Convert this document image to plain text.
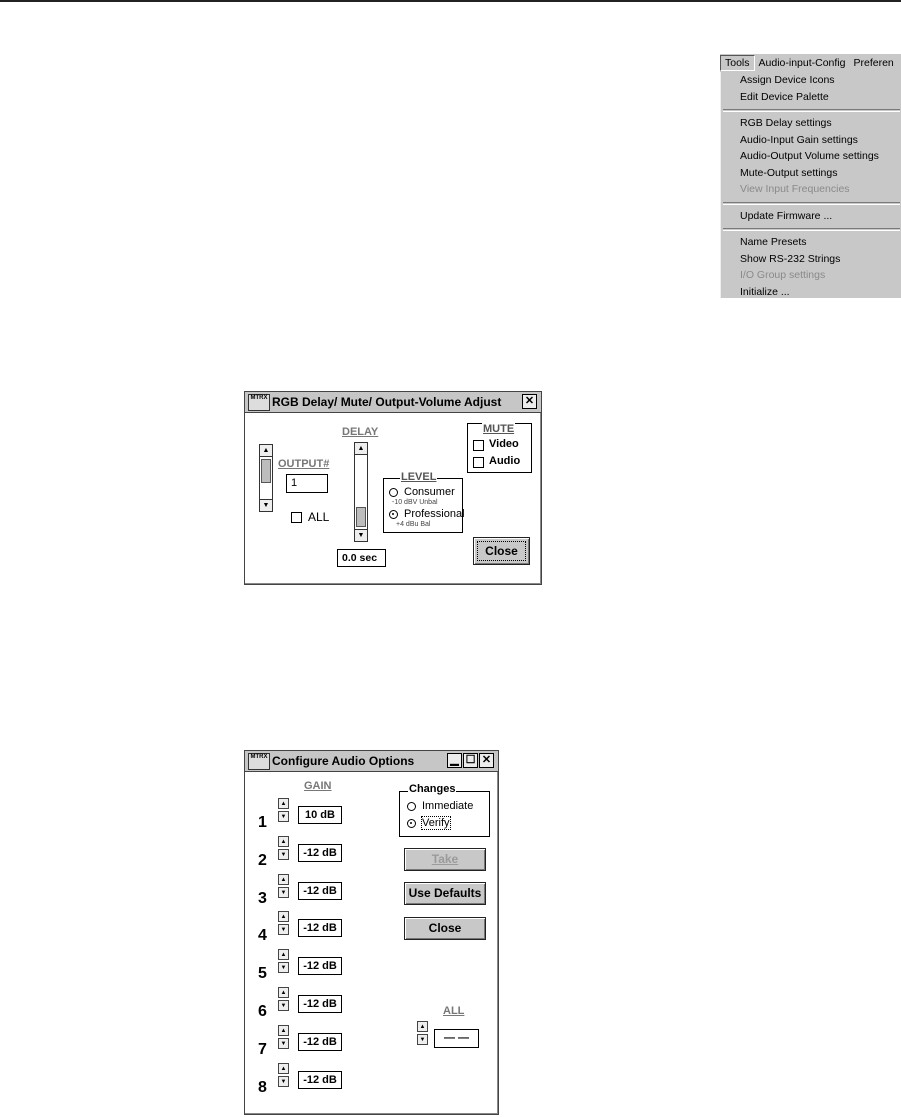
Tools Audio-input-Config Preferen
Assign Device Icons
Edit Device Palette
RGB Delay settings
Audio-Input Gain settings
Audio-Output Volume settings
Mute-Output settings
View Input Frequencies
Update Firmware ...
Name Presets
Show RS-232 Strings
I/O Group settings
Initialize ...
MTRX RGB Delay/ Mute/ Output-Volume Adjust ✕
▲
▼
OUTPUT#
1
ALL
DELAY
▲
▼
0.0 sec
LEVEL
Consumer
-10 dBV Unbal
Professional
+4 dBu Bal
MUTE
Video
Audio
Close
MTRX Configure Audio Options	▁ ☐ ✕
GAIN	Changes
Immediate
Verify
Take
Use Defaults
Close
ALL
▲
▼	— —
1
▲
▼	10 dB
2
▲
▼	-12 dB
3
▲
▼	-12 dB
4
▲
▼	-12 dB
5
▲
▼	-12 dB
6
▲
▼	-12 dB
7
▲
▼	-12 dB
8
▲
▼	-12 dB
